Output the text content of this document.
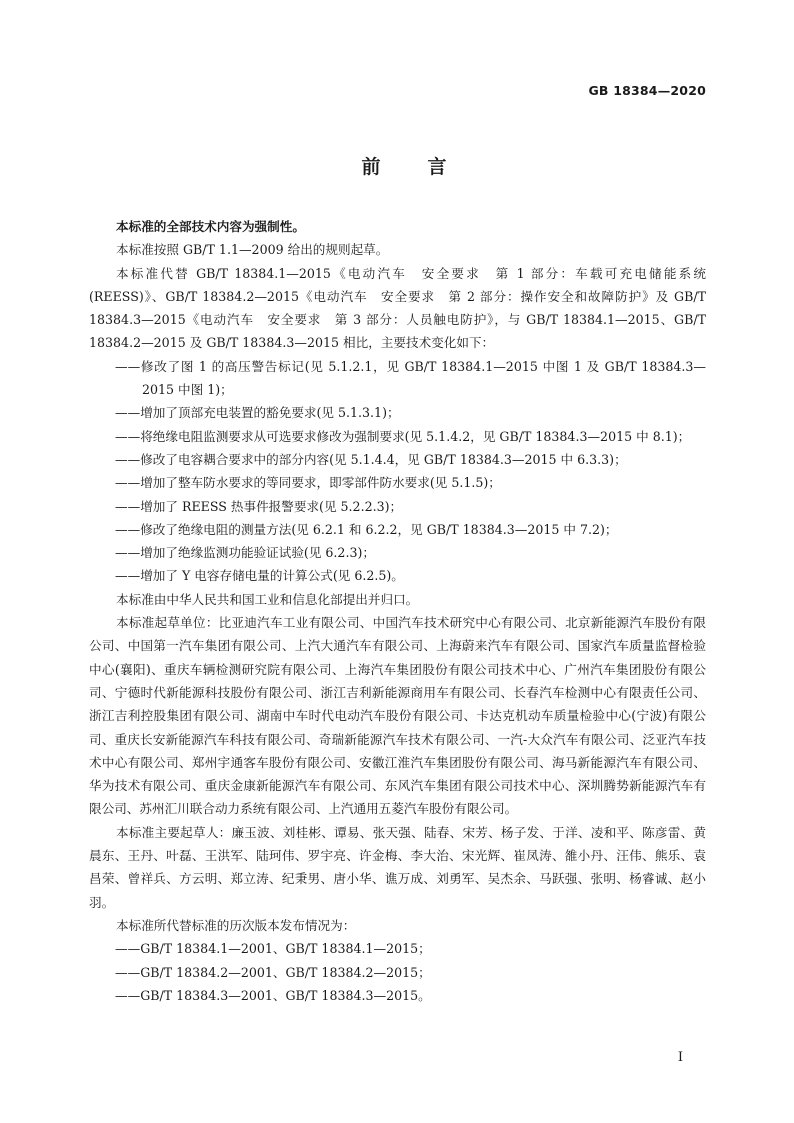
GB 18384—2020
前　言

本标准的全部技术内容为强制性。

本标准按照 GB/T 1.1—2009 给出的规则起草。

本标准代替 GB/T 18384.1—2015《电动汽车　安全要求　第 1 部分：车载可充电储能系统(REESS)》、GB/T 18384.2—2015《电动汽车　安全要求　第 2 部分：操作安全和故障防护》及 GB/T 18384.3—2015《电动汽车　安全要求　第 3 部分：人员触电防护》，与 GB/T 18384.1—2015、GB/T 18384.2—2015 及 GB/T 18384.3—2015 相比，主要技术变化如下：

——修改了图 1 的高压警告标记(见 5.1.2.1，见 GB/T 18384.1—2015 中图 1 及 GB/T 18384.3—2015 中图 1)；

——增加了顶部充电装置的豁免要求(见 5.1.3.1)；

——将绝缘电阻监测要求从可选要求修改为强制要求(见 5.1.4.2，见 GB/T 18384.3—2015 中 8.1)；

——修改了电容耦合要求中的部分内容(见 5.1.4.4，见 GB/T 18384.3—2015 中 6.3.3)；

——增加了整车防水要求的等同要求，即零部件防水要求(见 5.1.5)；

——增加了 REESS 热事件报警要求(见 5.2.2.3)；

——修改了绝缘电阻的测量方法(见 6.2.1 和 6.2.2，见 GB/T 18384.3—2015 中 7.2)；

——增加了绝缘监测功能验证试验(见 6.2.3)；

——增加了 Y 电容存储电量的计算公式(见 6.2.5)。

本标准由中华人民共和国工业和信息化部提出并归口。

本标准起草单位：比亚迪汽车工业有限公司、中国汽车技术研究中心有限公司、北京新能源汽车股份有限公司、中国第一汽车集团有限公司、上汽大通汽车有限公司、上海蔚来汽车有限公司、国家汽车质量监督检验中心(襄阳)、重庆车辆检测研究院有限公司、上海汽车集团股份有限公司技术中心、广州汽车集团股份有限公司、宁德时代新能源科技股份有限公司、浙江吉利新能源商用车有限公司、长春汽车检测中心有限责任公司、浙江吉利控股集团有限公司、湖南中车时代电动汽车股份有限公司、卡达克机动车质量检验中心(宁波)有限公司、重庆长安新能源汽车科技有限公司、奇瑞新能源汽车技术有限公司、一汽-大众汽车有限公司、泛亚汽车技术中心有限公司、郑州宇通客车股份有限公司、安徽江淮汽车集团股份有限公司、海马新能源汽车有限公司、华为技术有限公司、重庆金康新能源汽车有限公司、东风汽车集团有限公司技术中心、深圳腾势新能源汽车有限公司、苏州汇川联合动力系统有限公司、上汽通用五菱汽车股份有限公司。

本标准主要起草人：廉玉波、刘桂彬、谭易、张天强、陆春、宋芳、杨子发、于洋、凌和平、陈彦雷、黄晨东、王丹、叶磊、王洪军、陆珂伟、罗宇亮、许金梅、李大治、宋光辉、崔凤涛、雒小丹、汪伟、熊乐、袁昌荣、曾祥兵、方云明、郑立涛、纪秉男、唐小华、谯万成、刘勇军、吴杰余、马跃强、张明、杨睿诚、赵小羽。

本标准所代替标准的历次版本发布情况为：

——GB/T 18384.1—2001、GB/T 18384.1—2015；

——GB/T 18384.2—2001、GB/T 18384.2—2015；

——GB/T 18384.3—2001、GB/T 18384.3—2015。

Ⅰ
